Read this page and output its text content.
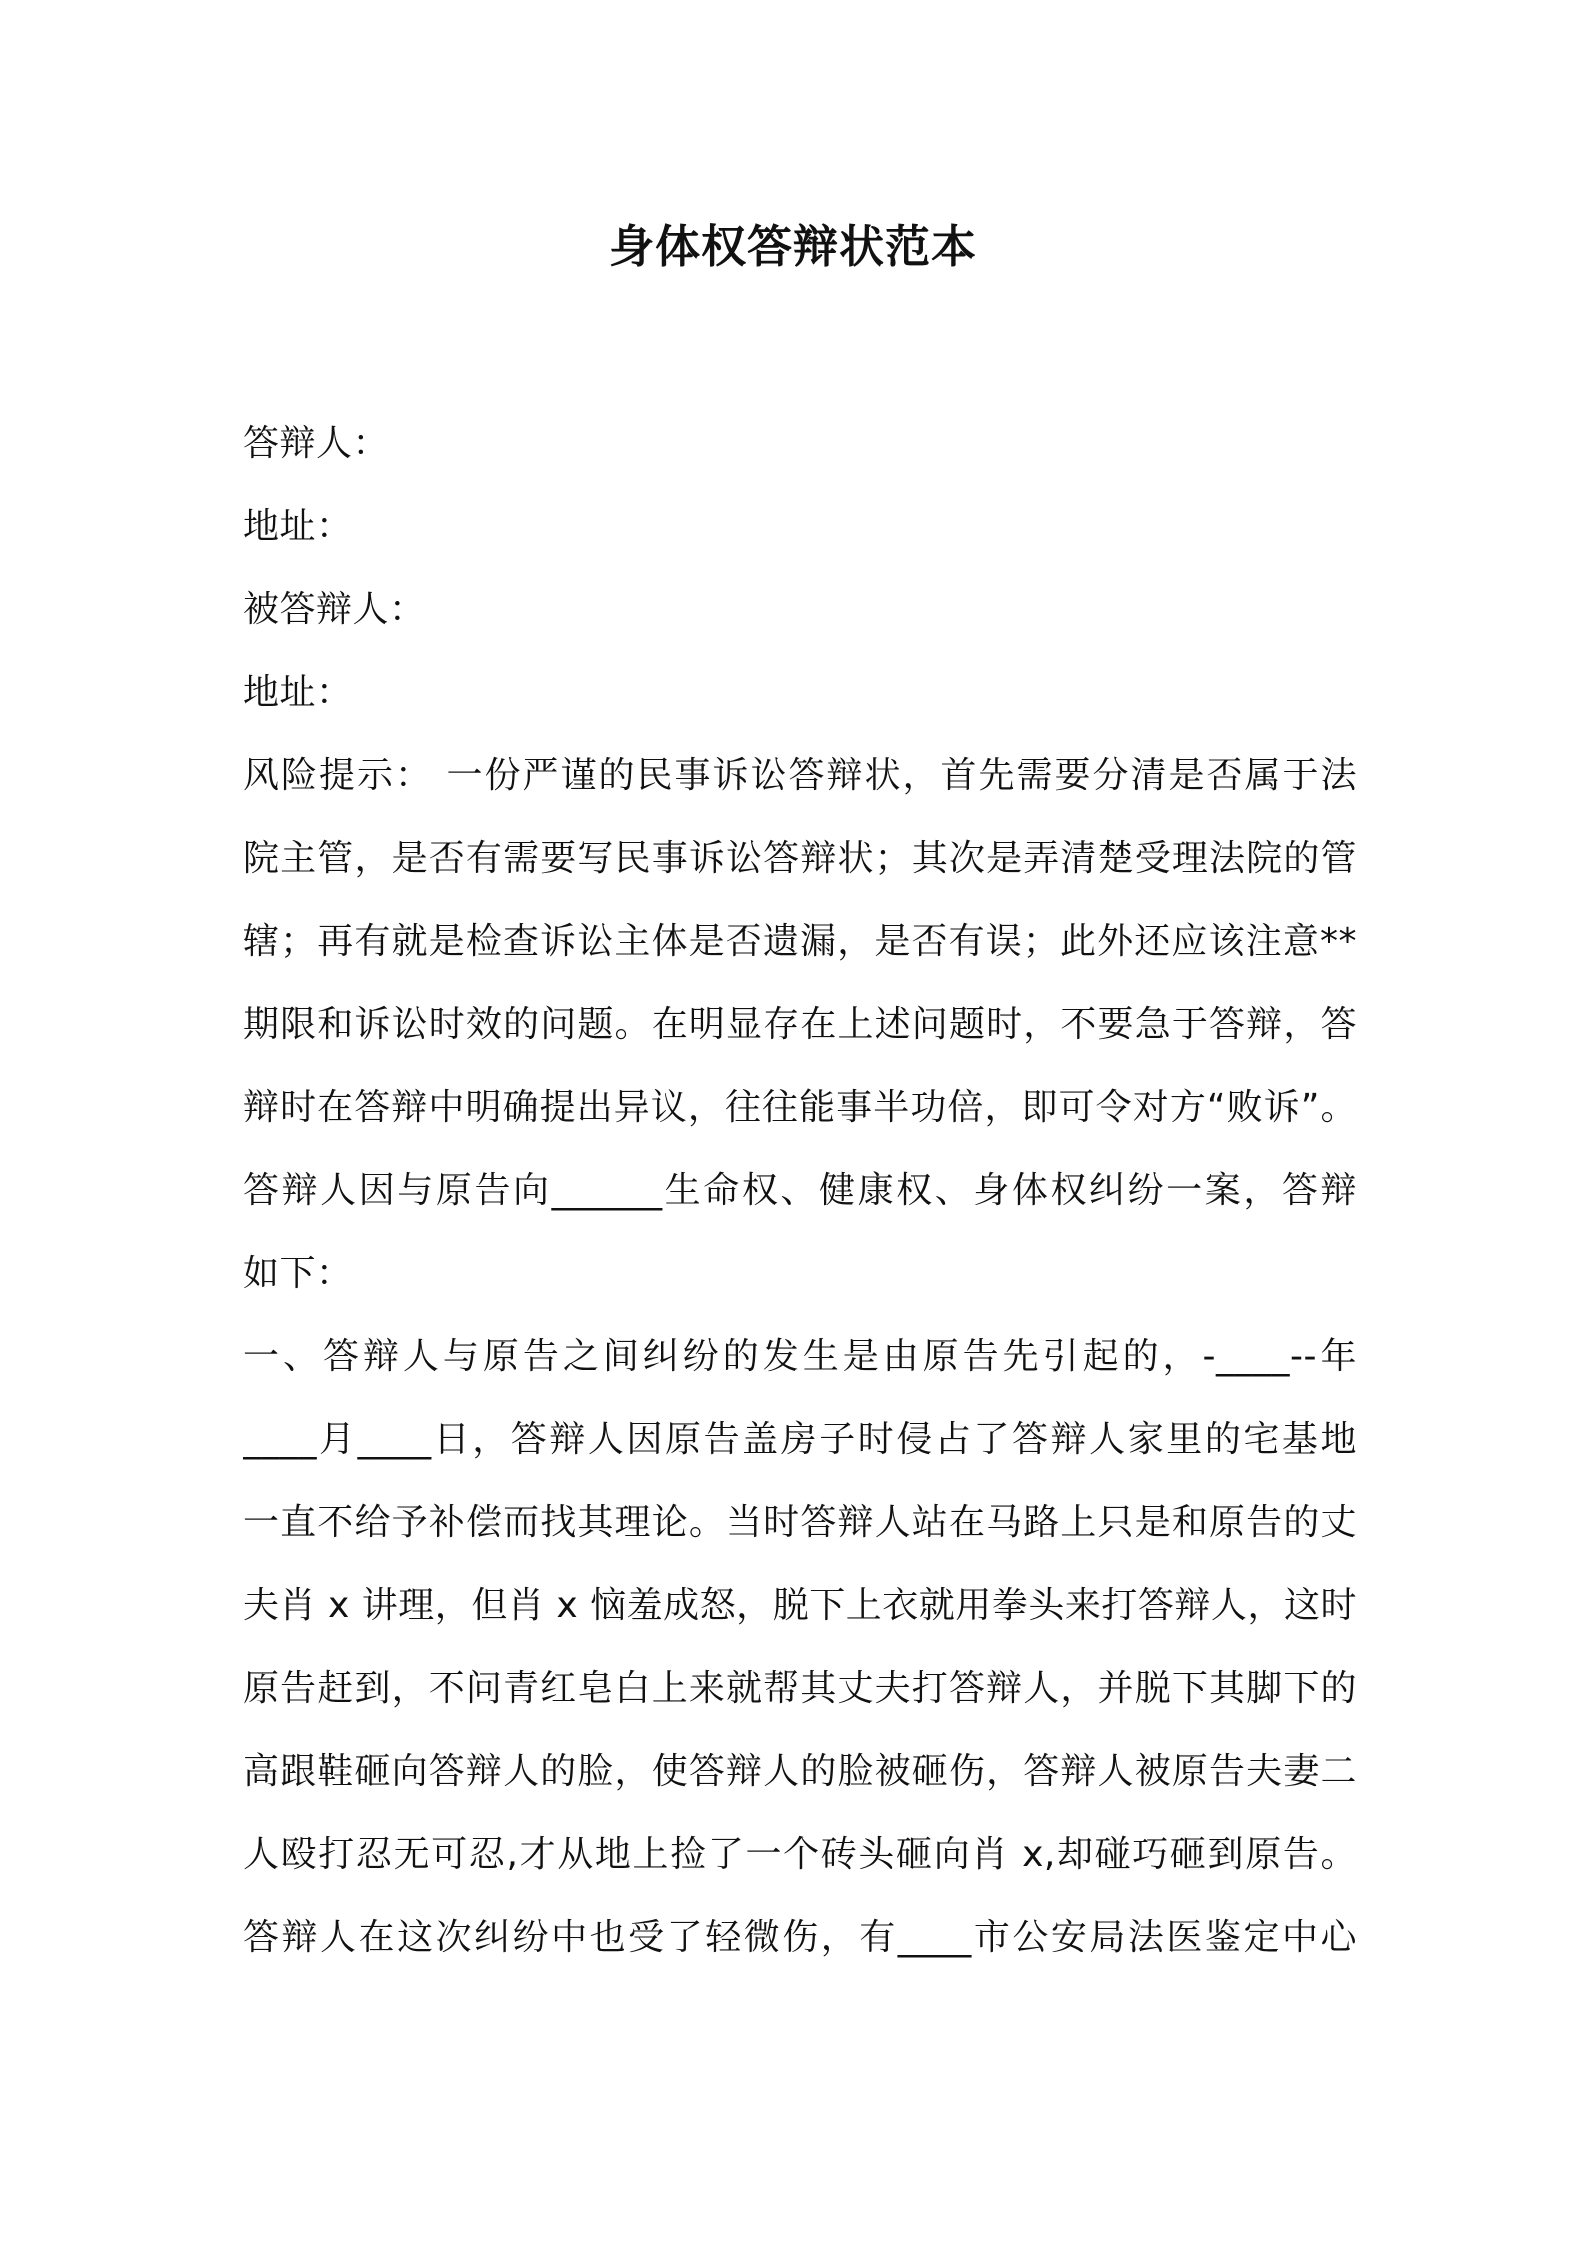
身体权答辩状范本
答辩人：
地址：
被答辩人：
地址：
风险提示： 一份严谨的民事诉讼答辩状，首先需要分清是否属于法
院主管，是否有需要写民事诉讼答辩状；其次是弄清楚受理法院的管
辖；再有就是检查诉讼主体是否遗漏，是否有误；此外还应该注意**
期限和诉讼时效的问题。在明显存在上述问题时，不要急于答辩，答
辩时在答辩中明确提出异议，往往能事半功倍，即可令对方“败诉”。
答辩人因与原告向______生命权、健康权、身体权纠纷一案，答辩
如下：
一、答辩人与原告之间纠纷的发生是由原告先引起的，-____--年
____月____日，答辩人因原告盖房子时侵占了答辩人家里的宅基地
一直不给予补偿而找其理论。当时答辩人站在马路上只是和原告的丈
夫肖 x 讲理，但肖 x 恼羞成怒，脱下上衣就用拳头来打答辩人，这时
原告赶到，不问青红皂白上来就帮其丈夫打答辩人，并脱下其脚下的
高跟鞋砸向答辩人的脸，使答辩人的脸被砸伤，答辩人被原告夫妻二
人殴打忍无可忍,才从地上捡了一个砖头砸向肖 x,却碰巧砸到原告。
答辩人在这次纠纷中也受了轻微伤，有____市公安局法医鉴定中心
